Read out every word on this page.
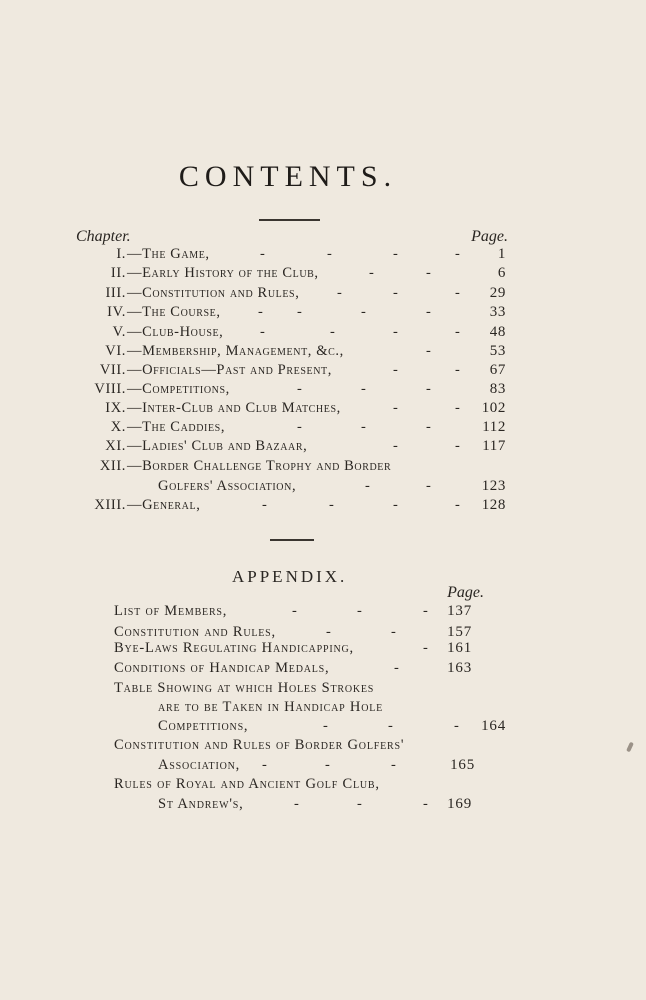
CONTENTS.
Chapter.	Page.
I. —The Game,	-	-	-	- 1
II. —Early History of the Club,	-	-	6
III. —Constitution and Rules,	-	-	- 29
IV. —The Course,	- -	-	-	33
V. —Club-House,	-	-	-	- 48
VI. —Membership, Management, &c.,	-	53
VII. —Officials—Past and Present,	-	- 67
VIII. —Competitions,	-	-	-	83
IX. —Inter-Club and Club Matches,	-	- 102
X. —The Caddies,	-	-	-	112
XI. —Ladies' Club and Bazaar,	-	- 117
XII. —Border Challenge Trophy and Border
Golfers' Association,	-	-	123
XIII. —General,	-	-	-	- 128
APPENDIX.
Page.
List of Members,	-	-	- 137
Constitution and Rules,	-	-	157
Bye-Laws Regulating Handicapping,	- 161
Conditions of Handicap Medals,	-	163
Table Showing at which Holes Strokes
are to be Taken in Handicap Hole
Competitions,	-	-	- 164
Constitution and Rules of Border Golfers'
Association, -	-	-	165
Rules of Royal and Ancient Golf Club,
St Andrew's,	-	-	- 169
